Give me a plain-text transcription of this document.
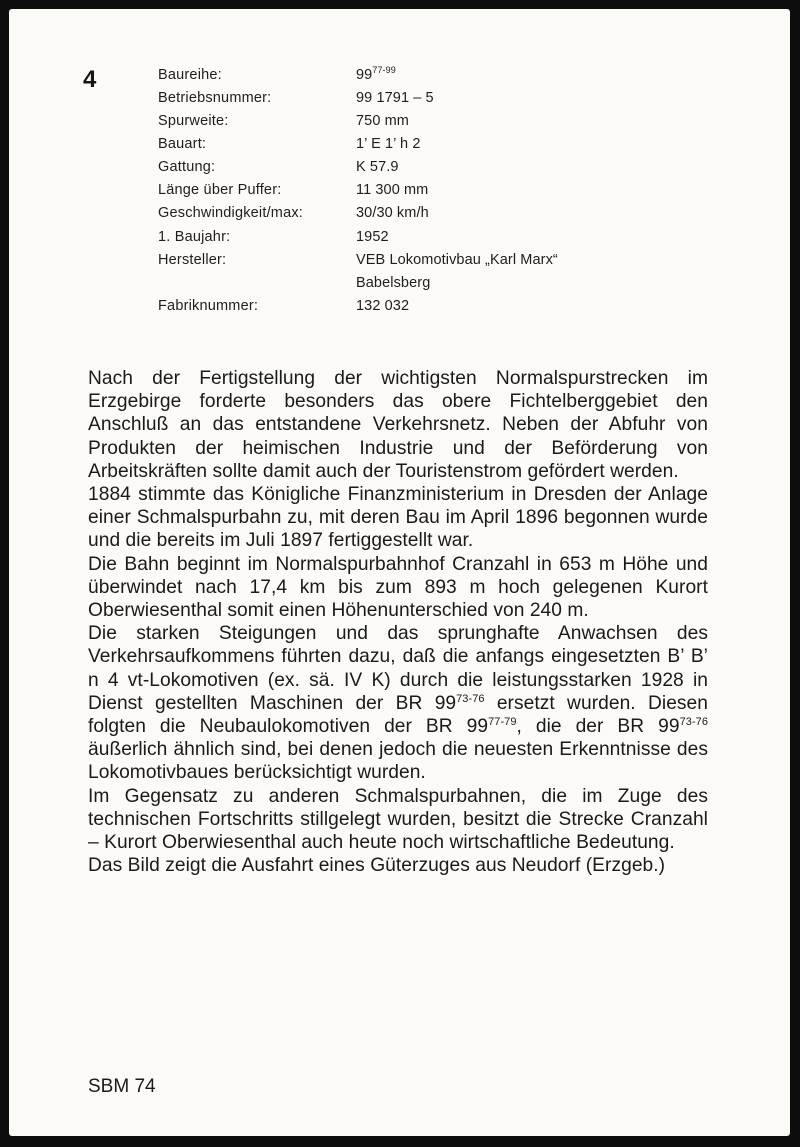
4	Baureihe:	99$^{77-99}$
Betriebsnummer:	99 1791 – 5
Spurweite:	750 mm
Bauart:	1’ E 1’ h 2
Gattung:	K 57.9
Länge über Puffer:	11 300 mm
Geschwindigkeit/max:	30/30 km/h
1. Baujahr:	1952
Hersteller:	VEB Lokomotivbau „Karl Marx“
Babelsberg
Fabriknummer:	132 032

Nach der Fertigstellung der wichtigsten Normalspurstrecken im Erzgebirge forderte besonders das obere Fichtelberggebiet den Anschluß an das entstandene Verkehrsnetz. Neben der Abfuhr von Produkten der heimischen Industrie und der Beförderung von Arbeitskräften sollte damit auch der Touristenstrom gefördert werden.

1884 stimmte das Königliche Finanzministerium in Dresden der Anlage einer Schmalspurbahn zu, mit deren Bau im April 1896 begonnen wurde und die bereits im Juli 1897 fertiggestellt war.

Die Bahn beginnt im Normalspurbahnhof Cranzahl in 653 m Höhe und überwindet nach 17,4 km bis zum 893 m hoch gelegenen Kurort Oberwiesenthal somit einen Höhenunterschied von 240 m.

Die starken Steigungen und das sprunghafte Anwachsen des Verkehrsaufkommens führten dazu, daß die anfangs eingesetzten B’ B’ n 4 vt-Lokomotiven (ex. sä. IV K) durch die leistungsstarken 1928 in Dienst gestellten Maschinen der BR 99$^{73-76}$ ersetzt wurden. Diesen folgten die Neubaulokomotiven der BR 99$^{77-79}$, die der BR 99$^{73-76}$ äußerlich ähnlich sind, bei denen jedoch die neuesten Erkenntnisse des Lokomotivbaues berücksichtigt wurden.

Im Gegensatz zu anderen Schmalspurbahnen, die im Zuge des technischen Fortschritts stillgelegt wurden, besitzt die Strecke Cranzahl – Kurort Oberwiesenthal auch heute noch wirtschaftliche Bedeutung.

Das Bild zeigt die Ausfahrt eines Güterzuges aus Neudorf (Erzgeb.)

SBM 74
